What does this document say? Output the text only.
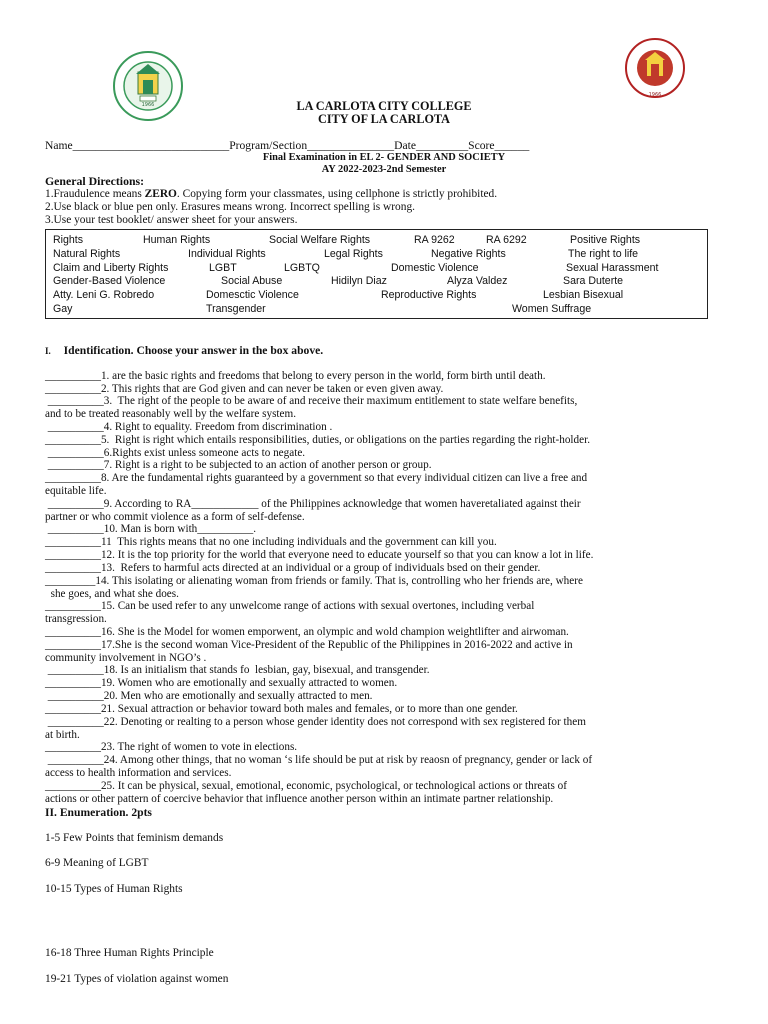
1966
1966
LA CARLOTA CITY COLLEGE
CITY OF LA CARLOTA
Name___________________________Program/Section_______________Date_________Score______
Final Examination in EL 2- GENDER AND SOCIETY
AY 2022-2023-2nd Semester
General Directions:
1.Fraudulence means ZERO. Copying form your classmates, using cellphone is strictly prohibited.
2.Use black or blue pen only. Erasures means wrong. Incorrect spelling is wrong.
3.Use your test booklet/ answer sheet for your answers.
Rights	Human Rights	Social Welfare Rights	RA 9262	RA 6292	Positive Rights
Natural Rights	Individual Rights	Legal Rights	Negative Rights	The right to life
Claim and Liberty Rights	LGBT	LGBTQ	Domestic Violence	Sexual Harassment
Gender-Based Violence	Social Abuse	Hidilyn Diaz	Alyza Valdez	Sara Duterte
Atty. Leni G. Robredo	Domesctic Violence	Reproductive Rights	Lesbian Bisexual
Gay	Transgender	Women Suffrage
I. Identification. Choose your answer in the box above.
__________1. are the basic rights and freedoms that belong to every person in the world, form birth until death.
__________2. This rights that are God given and can never be taken or even given away.
__________3.  The right of the people to be aware of and receive their maximum entitlement to state welfare benefits,
and to be treated reasonably well by the welfare system.
__________4. Right to equality. Freedom from discrimination .
__________5.  Right is right which entails responsibilities, duties, or obligations on the parties regarding the right-holder.
__________6.Rights exist unless someone acts to negate.
__________7. Right is a right to be subjected to an action of another person or group.
__________8. Are the fundamental rights guaranteed by a government so that every individual citizen can live a free and
equitable life.
__________9. According to RA____________ of the Philippines acknowledge that women haveretaliated against their
partner or who commit violence as a form of self-defense.
__________10. Man is born with__________.
__________11  This rights means that no one including individuals and the government can kill you.
__________12. It is the top priority for the world that everyone need to educate yourself so that you can know a lot in life.
__________13.  Refers to harmful acts directed at an individual or a group of individuals bsed on their gender.
_________14. This isolating or alienating woman from friends or family. That is, controlling who her friends are, where
she goes, and what she does.
__________15. Can be used refer to any unwelcome range of actions with sexual overtones, including verbal
transgression.
__________16. She is the Model for women emporwent, an olympic and wold champion weightlifter and airwoman.
__________17.She is the second woman Vice-President of the Republic of the Philippines in 2016-2022 and active in
community involvement in NGO’s .
__________18. Is an initialism that stands fo  lesbian, gay, bisexual, and transgender.
__________19. Women who are emotionally and sexually attracted to women.
__________20. Men who are emotionally and sexually attracted to men.
__________21. Sexual attraction or behavior toward both males and females, or to more than one gender.
__________22. Denoting or realting to a person whose gender identity does not correspond with sex registered for them
at birth.
__________23. The right of women to vote in elections.
__________24. Among other things, that no woman ‘s life should be put at risk by reaosn of pregnancy, gender or lack of
access to health information and services.
__________25. It can be physical, sexual, emotional, economic, psychological, or technological actions or threats of
actions or other pattern of coercive behavior that influence another person within an intimate partner relationship.
II. Enumeration. 2pts
1-5 Few Points that feminism demands
6-9 Meaning of LGBT
10-15 Types of Human Rights
16-18 Three Human Rights Principle
19-21 Types of violation against women
